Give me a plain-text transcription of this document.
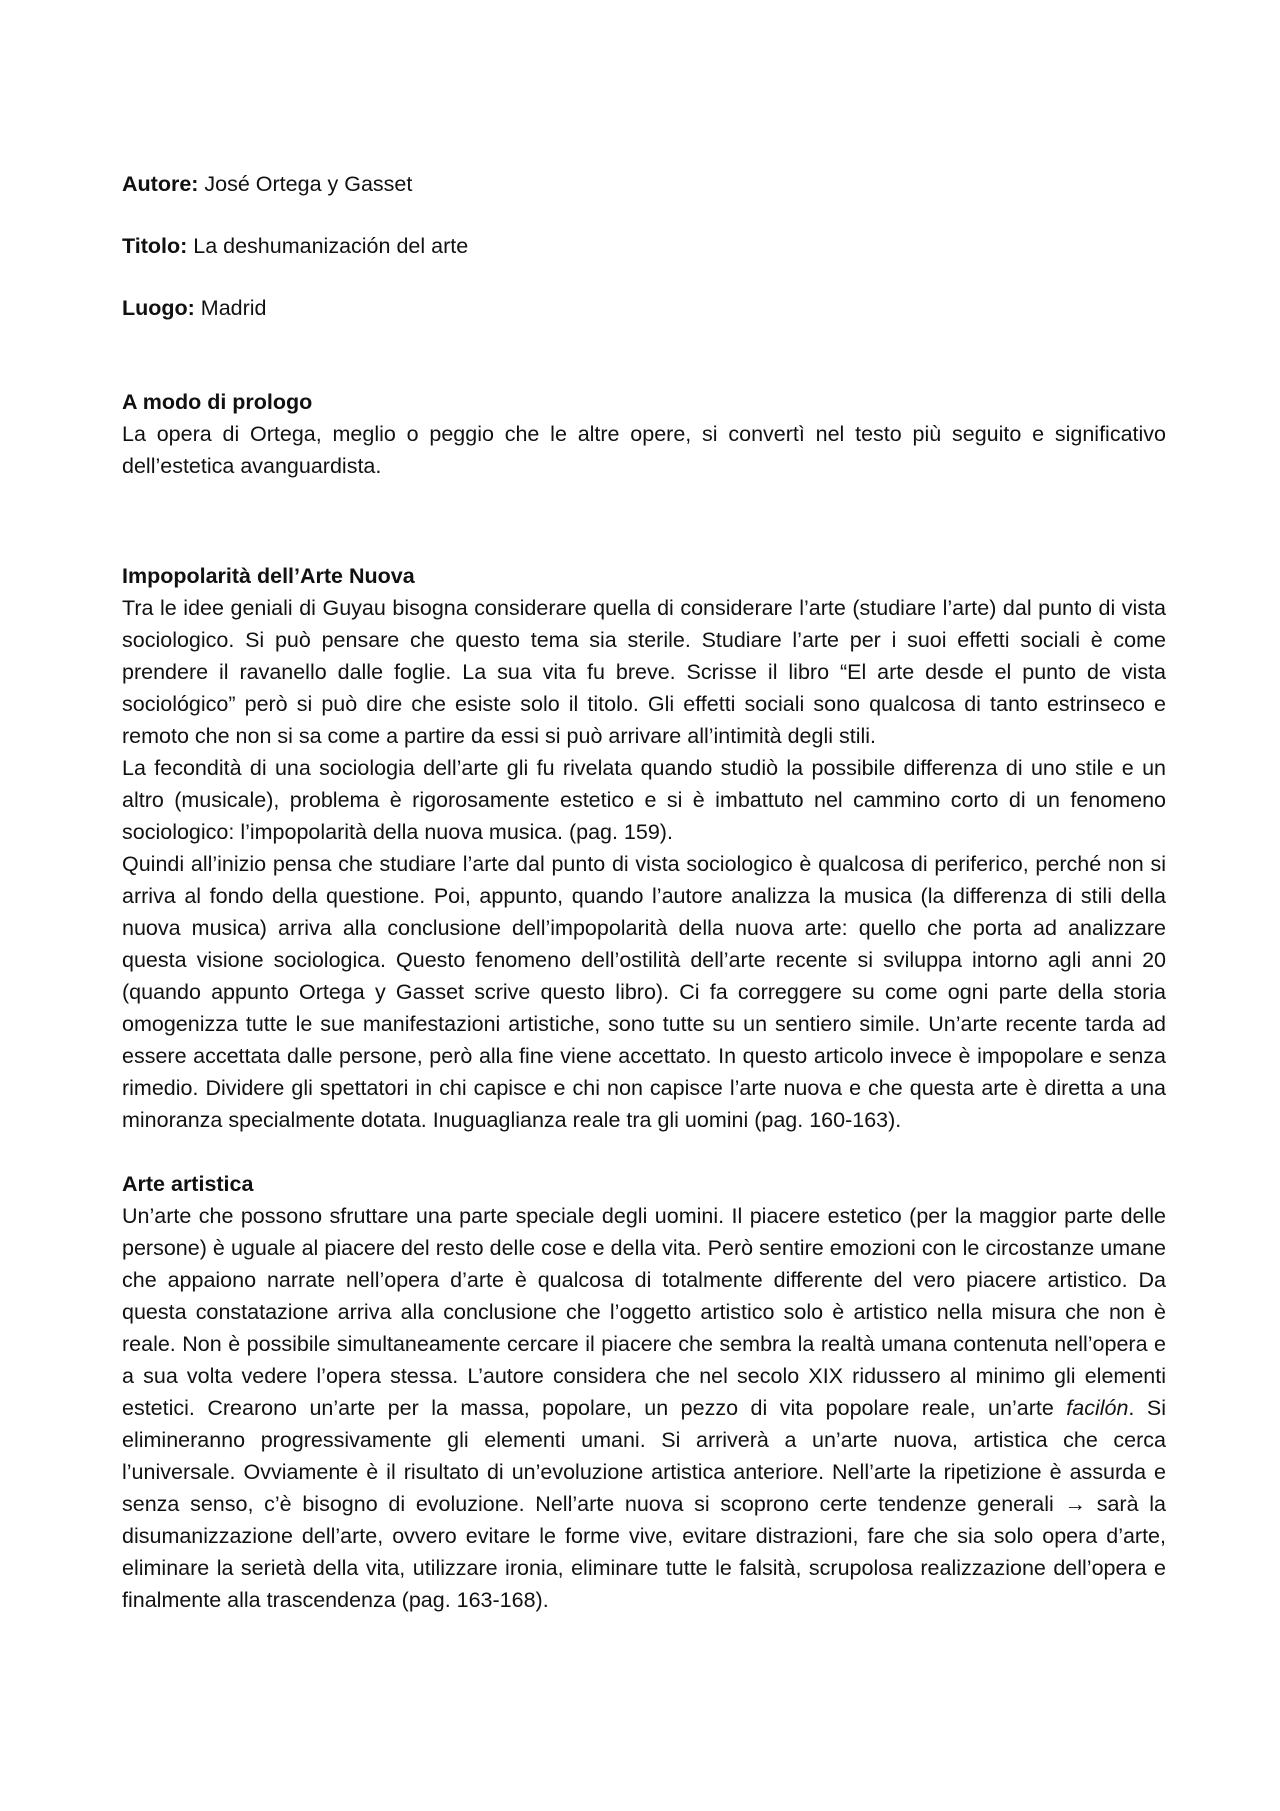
Autore: José Ortega y Gasset

Titolo: La deshumanización del arte

Luogo: Madrid

A modo di prologo

La opera di Ortega, meglio o peggio che le altre opere, si convertì nel testo più seguito e significativo dell’estetica avanguardista.

Impopolarità dell’Arte Nuova

Tra le idee geniali di Guyau bisogna considerare quella di considerare l’arte (studiare l’arte) dal punto di vista sociologico. Si può pensare che questo tema sia sterile. Studiare l’arte per i suoi effetti sociali è come prendere il ravanello dalle foglie. La sua vita fu breve. Scrisse il libro “El arte desde el punto de vista sociológico” però si può dire che esiste solo il titolo. Gli effetti sociali sono qualcosa di tanto estrinseco e remoto che non si sa come a partire da essi si può arrivare all’intimità degli stili.

La fecondità di una sociologia dell’arte gli fu rivelata quando studiò la possibile differenza di uno stile e un altro (musicale), problema è rigorosamente estetico e si è imbattuto nel cammino corto di un fenomeno sociologico: l’impopolarità della nuova musica. (pag. 159).

Quindi all’inizio pensa che studiare l’arte dal punto di vista sociologico è qualcosa di periferico, perché non si arriva al fondo della questione. Poi, appunto, quando l’autore analizza la musica (la differenza di stili della nuova musica) arriva alla conclusione dell’impopolarità della nuova arte: quello che porta ad analizzare questa visione sociologica. Questo fenomeno dell’ostilità dell’arte recente si sviluppa intorno agli anni 20 (quando appunto Ortega y Gasset scrive questo libro). Ci fa correggere su come ogni parte della storia omogenizza tutte le sue manifestazioni artistiche, sono tutte su un sentiero simile. Un’arte recente tarda ad essere accettata dalle persone, però alla fine viene accettato. In questo articolo invece è impopolare e senza rimedio. Dividere gli spettatori in chi capisce e chi non capisce l’arte nuova e che questa arte è diretta a una minoranza specialmente dotata. Inuguaglianza reale tra gli uomini (pag. 160-163).

Arte artistica

Un’arte che possono sfruttare una parte speciale degli uomini. Il piacere estetico (per la maggior parte delle persone) è uguale al piacere del resto delle cose e della vita. Però sentire emozioni con le circostanze umane che appaiono narrate nell’opera d’arte è qualcosa di totalmente differente del vero piacere artistico. Da questa constatazione arriva alla conclusione che l’oggetto artistico solo è artistico nella misura che non è reale. Non è possibile simultaneamente cercare il piacere che sembra la realtà umana contenuta nell’opera e a sua volta vedere l’opera stessa. L’autore considera che nel secolo XIX ridussero al minimo gli elementi estetici. Crearono un’arte per la massa, popolare, un pezzo di vita popolare reale, un’arte facilón. Si elimineranno progressivamente gli elementi umani. Si arriverà a un’arte nuova, artistica che cerca l’universale. Ovviamente è il risultato di un’evoluzione artistica anteriore. Nell’arte la ripetizione è assurda e senza senso, c’è bisogno di evoluzione. Nell’arte nuova si scoprono certe tendenze generali → sarà la disumanizzazione dell’arte, ovvero evitare le forme vive, evitare distrazioni, fare che sia solo opera d’arte, eliminare la serietà della vita, utilizzare ironia, eliminare tutte le falsità, scrupolosa realizzazione dell’opera e finalmente alla trascendenza (pag. 163-168).
